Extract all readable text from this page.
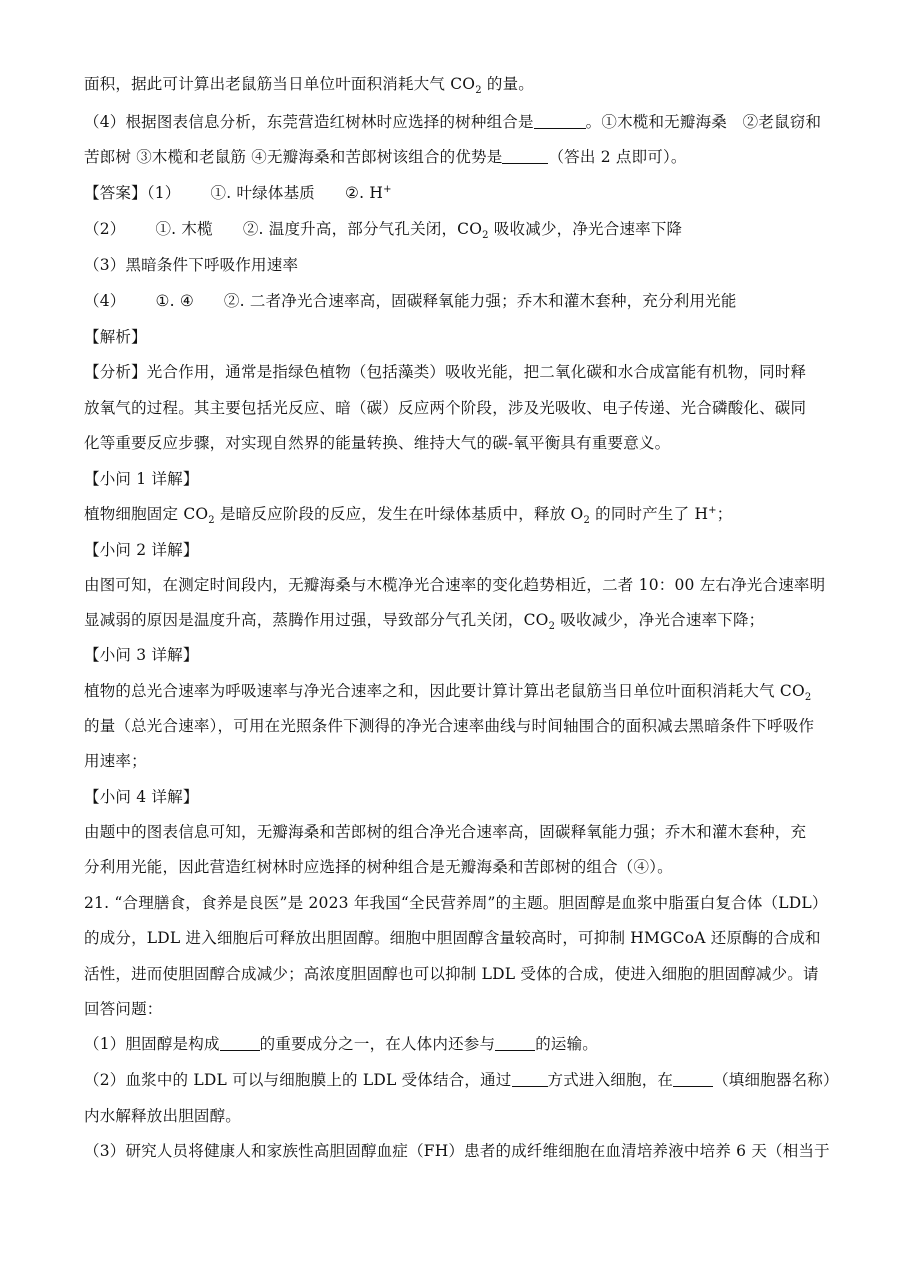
面积，据此可计算出老鼠筋当日单位叶面积消耗大气 $CO_2$ 的量。
（4）根据图表信息分析，东莞营造红树林时应选择的树种组合是	。①木榄和无瓣海桑　②老鼠窃和
苦郎树 ③木榄和老鼠筋 ④无瓣海桑和苦郎树该组合的优势是	（答出 2 点即可）。
【答案】（1） ①. 叶绿体基质 ②. H+
（2） ①. 木榄 ②. 温度升高，部分气孔关闭，$CO_2$ 吸收减少，净光合速率下降
（3）黑暗条件下呼吸作用速率
（4） ①. ④ ②. 二者净光合速率高，固碳释氧能力强；乔木和灌木套种，充分利用光能
【解析】
【分析】光合作用，通常是指绿色植物（包括藻类）吸收光能，把二氧化碳和水合成富能有机物，同时释
放氧气的过程。其主要包括光反应、暗（碳）反应两个阶段，涉及光吸收、电子传递、光合磷酸化、碳同
化等重要反应步骤，对实现自然界的能量转换、维持大气的碳-氧平衡具有重要意义。
【小问 1 详解】
植物细胞固定 $CO_2$ 是暗反应阶段的反应，发生在叶绿体基质中，释放 $O_2$ 的同时产生了 H+；
【小问 2 详解】
由图可知，在测定时间段内，无瓣海桑与木榄净光合速率的变化趋势相近，二者 10：00 左右净光合速率明
显减弱的原因是温度升高，蒸腾作用过强，导致部分气孔关闭，$CO_2$ 吸收减少，净光合速率下降；
【小问 3 详解】
植物的总光合速率为呼吸速率与净光合速率之和，因此要计算计算出老鼠筋当日单位叶面积消耗大气 $CO_2$
的量（总光合速率），可用在光照条件下测得的净光合速率曲线与时间轴围合的面积减去黑暗条件下呼吸作
用速率；
【小问 4 详解】
由题中的图表信息可知，无瓣海桑和苦郎树的组合净光合速率高，固碳释氧能力强；乔木和灌木套种，充
分利用光能，因此营造红树林时应选择的树种组合是无瓣海桑和苦郎树的组合（④）。
21. “合理膳食，食养是良医”是 2023 年我国“全民营养周”的主题。胆固醇是血浆中脂蛋白复合体（LDL）
的成分，LDL 进入细胞后可释放出胆固醇。细胞中胆固醇含量较高时，可抑制 HMGCoA 还原酶的合成和
活性，进而使胆固醇合成减少；高浓度胆固醇也可以抑制 LDL 受体的合成，使进入细胞的胆固醇减少。请
回答问题：
（1）胆固醇是构成	的重要成分之一，在人体内还参与	的运输。
（2）血浆中的 LDL 可以与细胞膜上的 LDL 受体结合，通过 方式进入细胞，在	（填细胞器名称）
内水解释放出胆固醇。
（3）研究人员将健康人和家族性高胆固醇血症（FH）患者的成纤维细胞在血清培养液中培养 6 天（相当于
